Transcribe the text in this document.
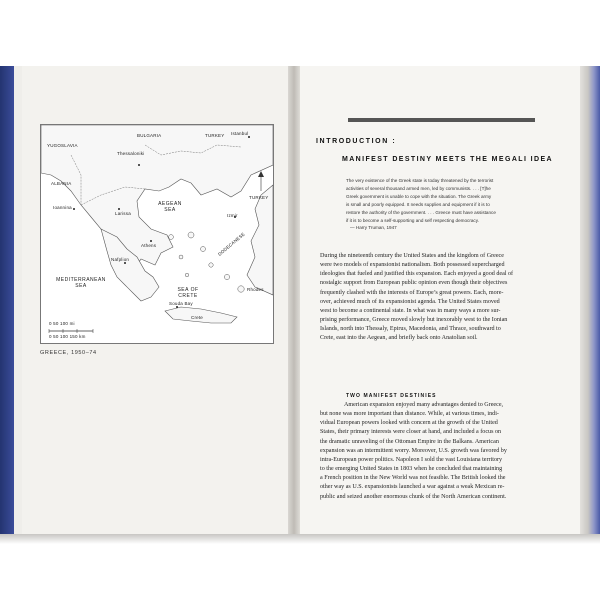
YUGOSLAVIA
BULGARIA	TURKEY Istanbul
ALBANIA
Thessaloniki
Ioannina
Larissa
AEGEAN
SEA
Izmir
Athens
Nafplion
DODECANESE
Rhodes
TURKEY
MEDITERRANEAN
SEA
SEA OF
CRETE
Souda Bay
Crete
0 50 100 mi
0 50 100 150 km
GREECE, 1950–74
INTRODUCTION :
MANIFEST DESTINY MEETS THE MEGALI IDEA
The very existence of the Greek state is today threatened by the terrorist
activities of several thousand armed men, led by communists. . . . [T]he
Greek government is unable to cope with the situation. The Greek army
is small and poorly equipped. It needs supplies and equipment if it is to
restore the authority of the government. . . . Greece must have assistance
if it is to become a self-supporting and self respecting democracy.
— Harry Truman, 1947
During the nineteenth century the United States and the kingdom of Greece
were two models of expansionist nationalism. Both possessed supercharged
ideologies that fueled and justified this expansion. Each enjoyed a good deal of
nostalgic support from European public opinion even though their objectives
frequently clashed with the interests of Europe’s great powers. Each, more-
over, achieved much of its expansionist agenda. The United States moved
west to become a continental state. In what was in many ways a more sur-
prising performance, Greece moved slowly but inexorably west to the Ionian
Islands, north into Thessaly, Epirus, Macedonia, and Thrace, southward to
Crete, east into the Aegean, and briefly back onto Anatolian soil.
TWO MANIFEST DESTINIES
American expansion enjoyed many advantages denied to Greece,
but none was more important than distance. While, at various times, indi-
vidual European powers looked with concern at the growth of the United
States, their primary interests were closer at hand, and included a focus on
the dramatic unraveling of the Ottoman Empire in the Balkans. American
expansion was an intermittent worry. Moreover, U.S. growth was favored by
intra-European power politics. Napoleon I sold the vast Louisiana territory
to the emerging United States in 1803 when he concluded that maintaining
a French position in the New World was not feasible. The British looked the
other way as U.S. expansionists launched a war against a weak Mexican re-
public and seized another enormous chunk of the North American continent.
